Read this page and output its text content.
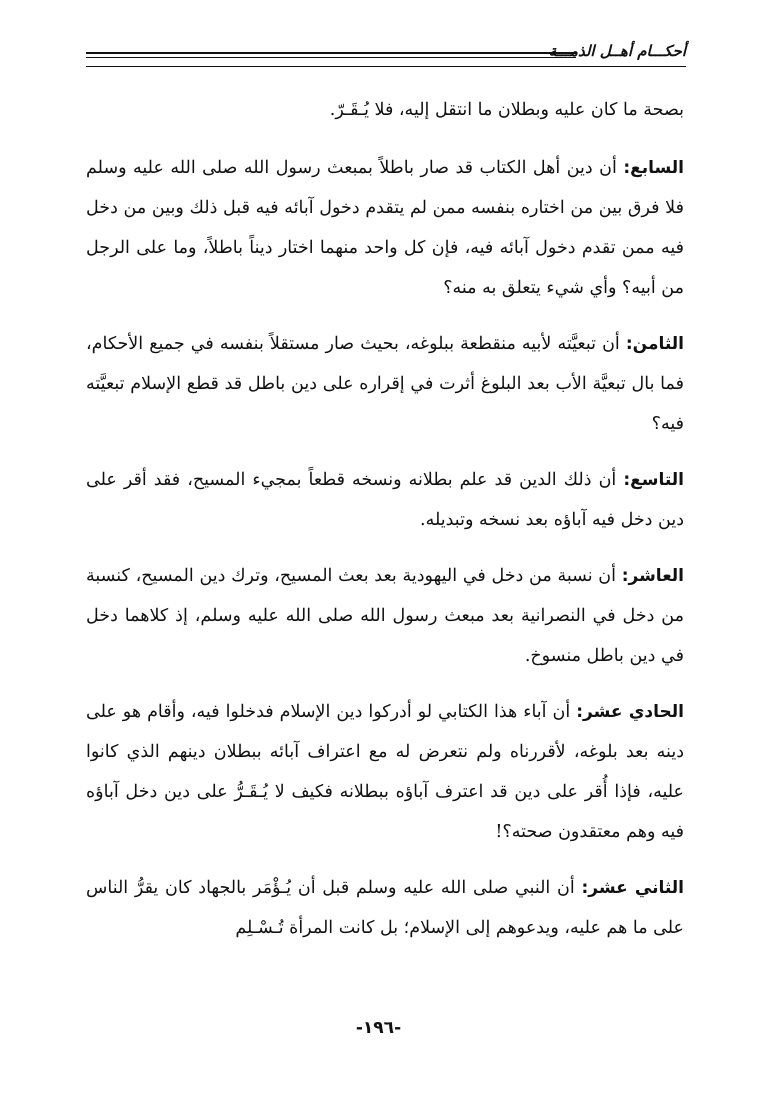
أحكـــام أهــل الذمـــة

بصحة ما كان عليه وبطلان ما انتقل إليه، فلا يُـقَـرّ.

السابع: أن دين أهل الكتاب قد صار باطلاً بمبعث رسول الله صلى الله عليه وسلم فلا فرق بين من اختاره بنفسه ممن لم يتقدم دخول آبائه فيه قبل ذلك وبين من دخل فيه ممن تقدم دخول آبائه فيه، فإن كل واحد منهما اختار ديناً باطلاً، وما على الرجل من أبيه؟ وأي شيء يتعلق به منه؟

الثامن: أن تبعيَّته لأبيه منقطعة ببلوغه، بحيث صار مستقلاً بنفسه في جميع الأحكام، فما بال تبعيَّة الأب بعد البلوغ أثرت في إقراره على دين باطل قد قطع الإسلام تبعيَّته فيه؟

التاسع: أن ذلك الدين قد علم بطلانه ونسخه قطعاً بمجيء المسيح، فقد أقر على دين دخل فيه آباؤه بعد نسخه وتبديله.

العاشر: أن نسبة من دخل في اليهودية بعد بعث المسيح، وترك دين المسيح، كنسبة من دخل في النصرانية بعد مبعث رسول الله صلى الله عليه وسلم، إذ كلاهما دخل في دين باطل منسوخ.

الحادي عشر: أن آباء هذا الكتابي لو أدركوا دين الإسلام فدخلوا فيه، وأقام هو على دينه بعد بلوغه، لأقررناه ولم نتعرض له مع اعتراف آبائه ببطلان دينهم الذي كانوا عليه، فإذا أُقر على دين قد اعترف آباؤه ببطلانه فكيف لا يُـقَـرُّ على دين دخل آباؤه فيه وهم معتقدون صحته؟!

الثاني عشر: أن النبي صلى الله عليه وسلم قبل أن يُـؤْمَر بالجهاد كان يقرُّ الناس على ما هم عليه، ويدعوهم إلى الإسلام؛ بل كانت المرأة تُـسْـلِم

-١٩٦-
